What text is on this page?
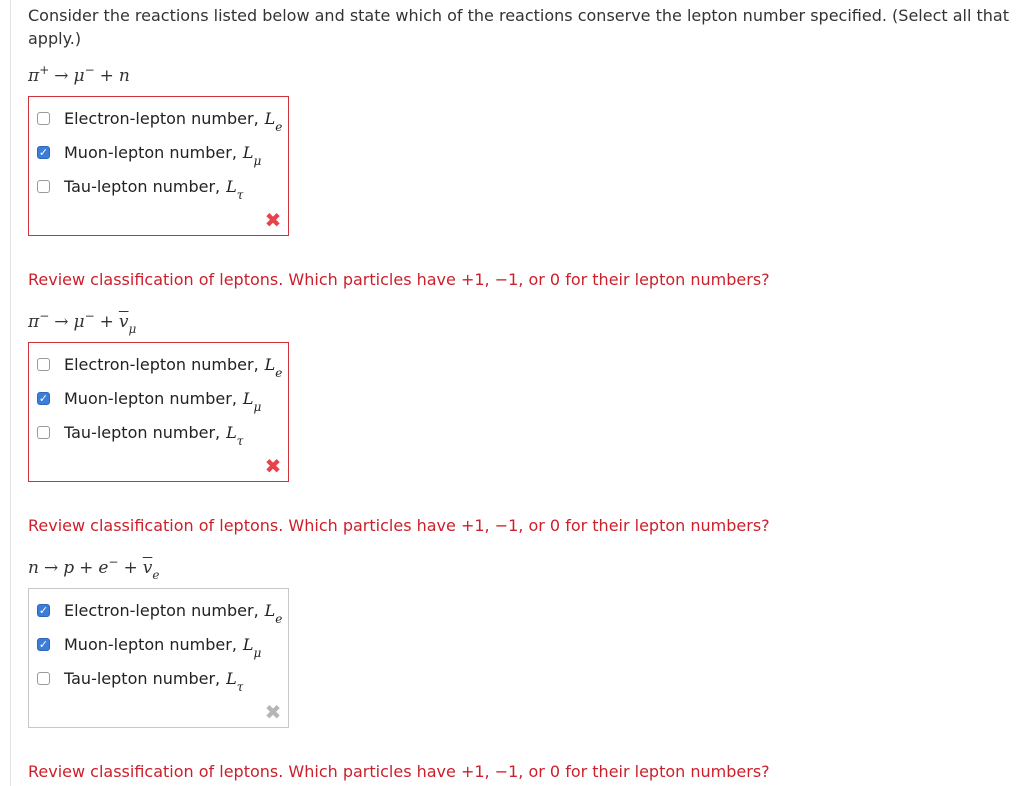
Consider the reactions listed below and state which of the reactions conserve the lepton number specified. (Select all that apply.)
π+ → μ− + n
Electron-lepton number, $L_e$
✓ Muon-lepton number, $L_\mu$
Tau-lepton number, $L_\tau$
✖
Review classification of leptons. Which particles have +1, −1, or 0 for their lepton numbers?
$\pi^- \to \mu^- + \overline{v}_\mu$
Electron-lepton number, $L_e$
✓ Muon-lepton number, $L_\mu$
Tau-lepton number, $L_\tau$
✖
Review classification of leptons. Which particles have +1, −1, or 0 for their lepton numbers?
$n \to p + e^- + \overline{v}_e$
✓ Electron-lepton number, $L_e$
✓ Muon-lepton number, $L_\mu$
Tau-lepton number, $L_\tau$
✖
Review classification of leptons. Which particles have +1, −1, or 0 for their lepton numbers?
